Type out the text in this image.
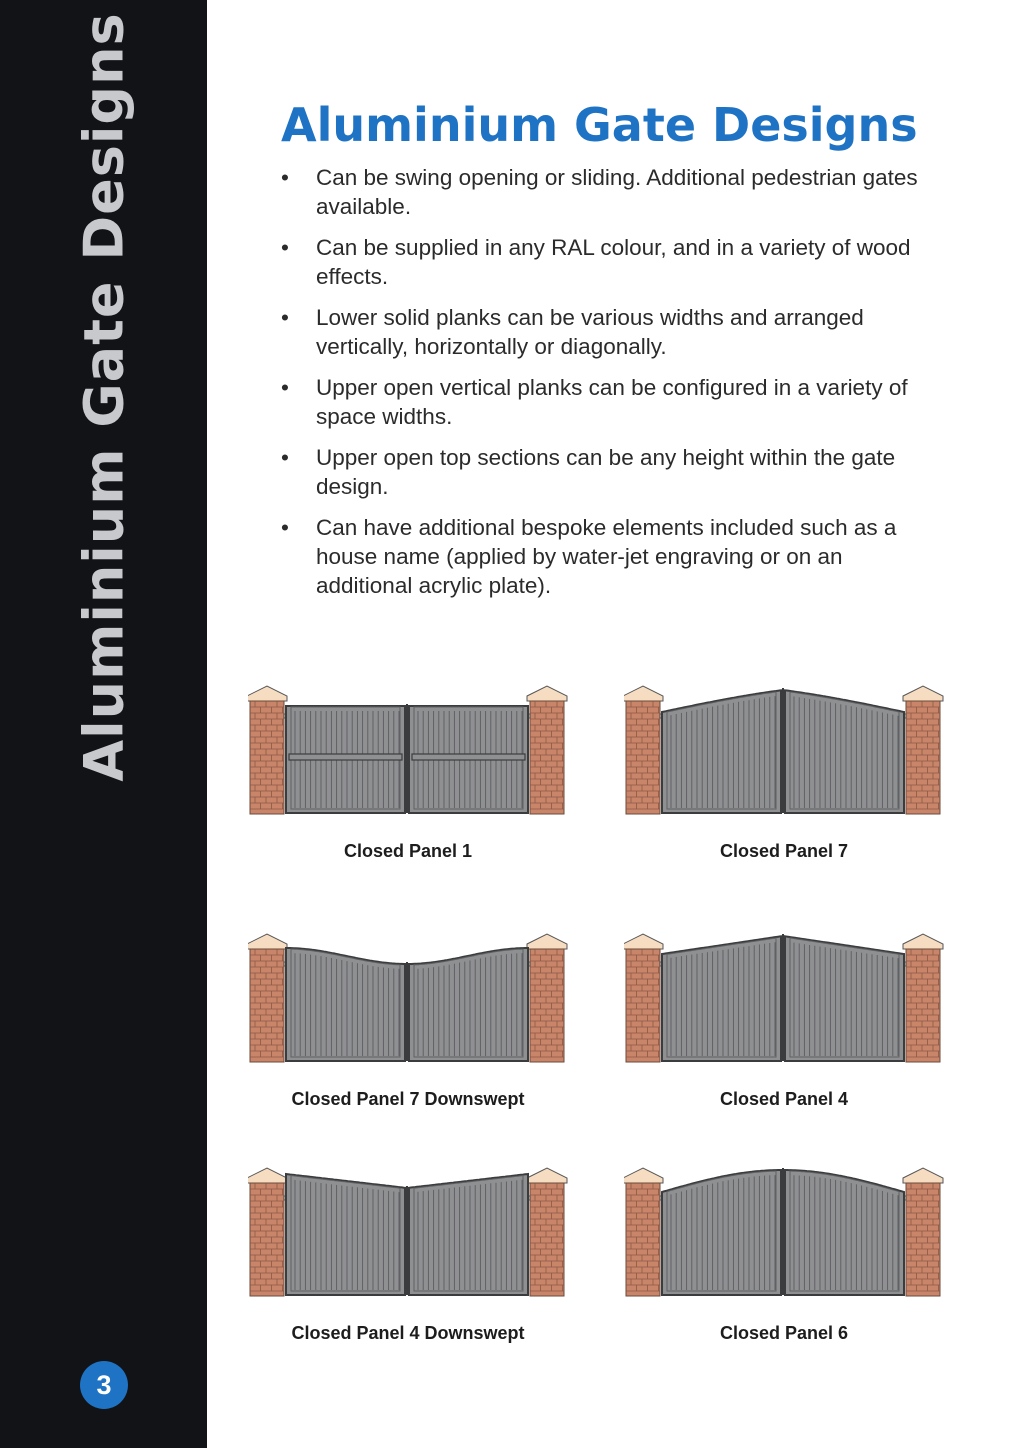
Aluminium Gate Designs
3
Aluminium Gate Designs
• Can be swing opening or sliding. Additional pedestrian gates available.
• Can be supplied in any RAL colour, and in a variety of wood effects.
• Lower solid planks can be various widths and arranged vertically, horizontally or diagonally.
• Upper open vertical planks can be configured in a variety of space widths.
• Upper open top sections can be any height within the gate design.
• Can have additional bespoke elements included such as a house name (applied by water-jet engraving or on an additional acrylic plate).
Closed Panel 1	Closed Panel 7
Closed Panel 7 Downswept	Closed Panel 4
Closed Panel 4 Downswept	Closed Panel 6
